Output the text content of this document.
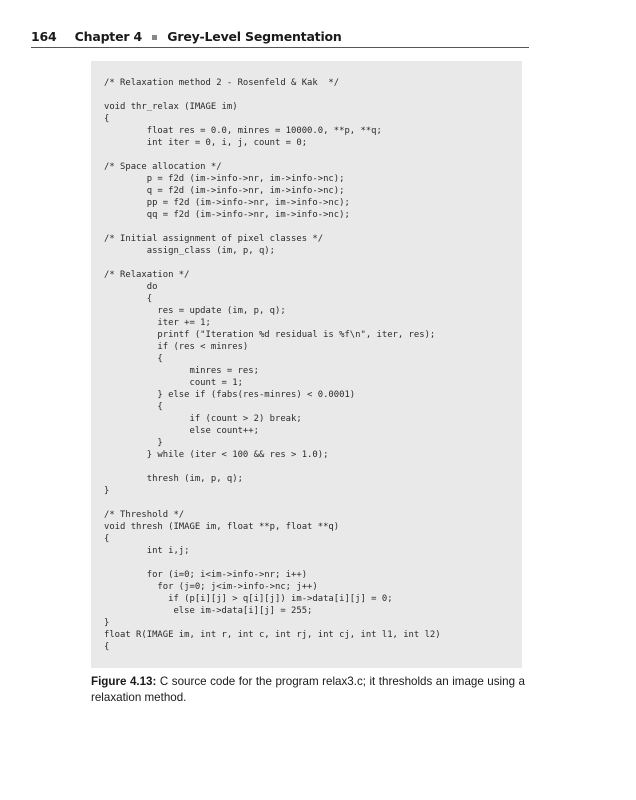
164 Chapter 4 Grey-Level Segmentation
/* Relaxation method 2 - Rosenfeld & Kak  */

void thr_relax (IMAGE im)
{
float res = 0.0, minres = 10000.0, **p, **q;
int iter = 0, i, j, count = 0;

/* Space allocation */
p = f2d (im->info->nr, im->info->nc);
q = f2d (im->info->nr, im->info->nc);
pp = f2d (im->info->nr, im->info->nc);
qq = f2d (im->info->nr, im->info->nc);

/* Initial assignment of pixel classes */
assign_class (im, p, q);

/* Relaxation */
do
{
res = update (im, p, q);
iter += 1;
printf ("Iteration %d residual is %f\n", iter, res);
if (res < minres)
{
minres = res;
count = 1;
} else if (fabs(res-minres) < 0.0001)
{
if (count > 2) break;
else count++;
}
} while (iter < 100 && res > 1.0);

thresh (im, p, q);
}

/* Threshold */
void thresh (IMAGE im, float **p, float **q)
{
int i,j;

for (i=0; i<im->info->nr; i++)
for (j=0; j<im->info->nc; j++)
if (p[i][j] > q[i][j]) im->data[i][j] = 0;
else im->data[i][j] = 255;
}
float R(IMAGE im, int r, int c, int rj, int cj, int l1, int l2)
{
Figure 4.13: C source code for the program relax3.c; it thresholds an image using a relaxation method.
